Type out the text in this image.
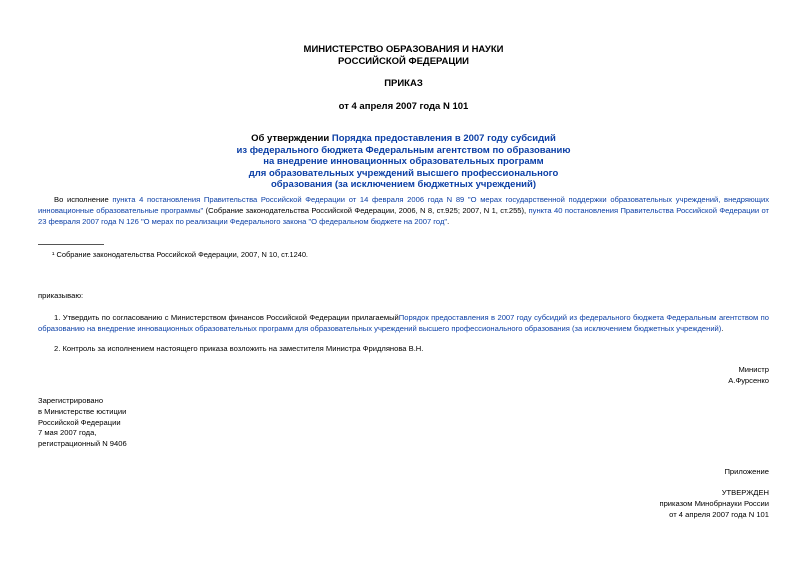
МИНИСТЕРСТВО ОБРАЗОВАНИЯ И НАУКИ
РОССИЙСКОЙ ФЕДЕРАЦИИ
ПРИКАЗ
от 4 апреля 2007 года N 101
Об утверждении Порядка предоставления в 2007 году субсидий
из федерального бюджета Федеральным агентством по образованию
на внедрение инновационных образовательных программ
для образовательных учреждений высшего профессионального
образования (за исключением бюджетных учреждений)
Во исполнение пункта 4 постановления Правительства Российской Федерации от 14 февраля 2006 года N 89 "О мерах государственной поддержки образовательных учреждений, внедряющих инновационные образовательные программы" (Собрание законодательства Российской Федерации, 2006, N 8, ст.925; 2007, N 1, ст.255), пункта 40 постановления Правительства Российской Федерации от 23 февраля 2007 года N 126 "О мерах по реализации Федерального закона "О федеральном бюджете на 2007 год".
¹ Собрание законодательства Российской Федерации, 2007, N 10, ст.1240.
приказываю:
1. Утвердить по согласованию с Министерством финансов Российской Федерации прилагаемыйПорядок предоставления в 2007 году субсидий из федерального бюджета Федеральным агентством по образованию на внедрение инновационных образовательных программ для образовательных учреждений высшего профессионального образования (за исключением бюджетных учреждений).
2. Контроль за исполнением настоящего приказа возложить на заместителя Министра Фридлянова В.Н.
Министр
А.Фурсенко
Зарегистрировано
в Министерстве юстиции
Российской Федерации
7 мая 2007 года,
регистрационный N 9406
Приложение
УТВЕРЖДЕН
приказом Минобрнауки России
от 4 апреля 2007 года N 101
